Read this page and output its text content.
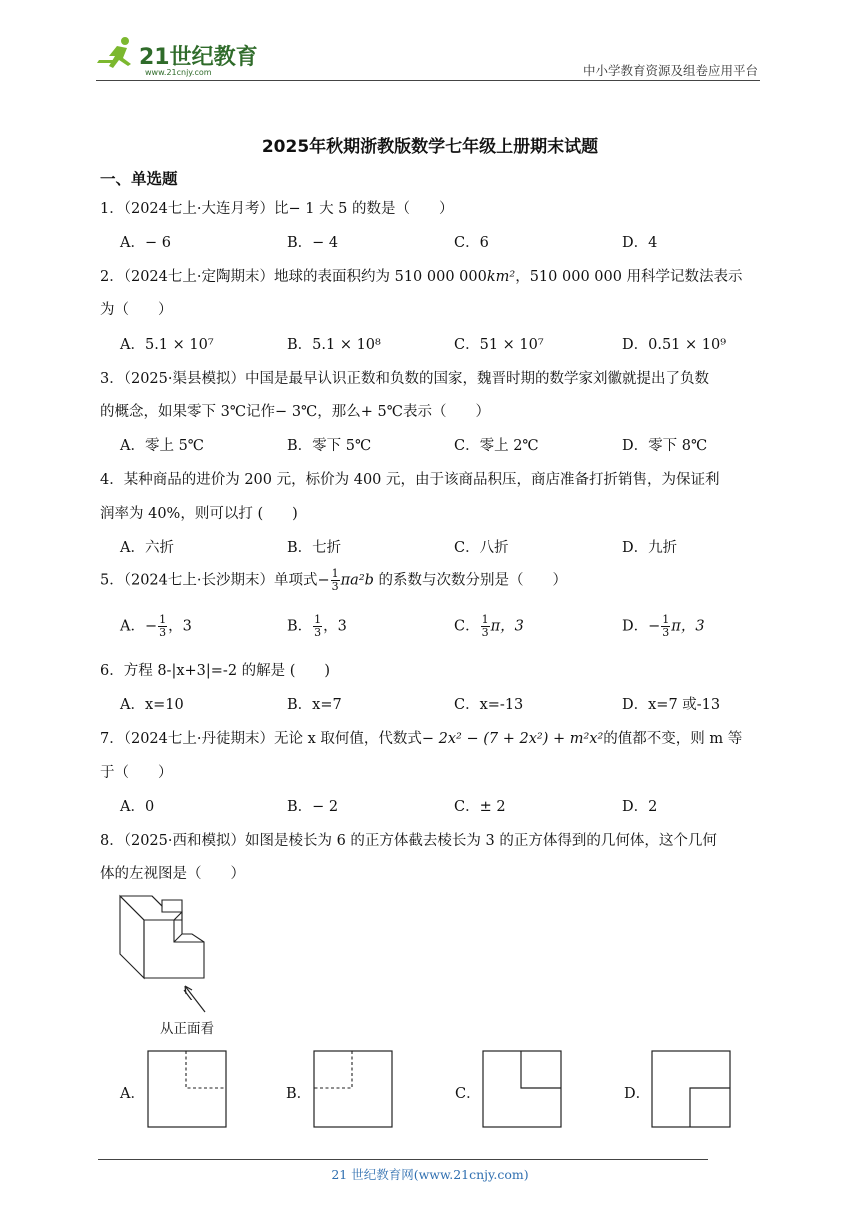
21世纪教育
www.21cnjy.com	中小学教育资源及组卷应用平台
2025年秋期浙教版数学七年级上册期末试题
一、单选题
1．（2024七上·大连月考）比− 1 大 5 的数是（　　）
A．− 6	B．− 4	C．6	D．4
2．（2024七上·定陶期末）地球的表面积约为 510 000 000km²，510 000 000 用科学记数法表示
为（　　）
A．5.1 × 10⁷	B．5.1 × 10⁸	C．51 × 10⁷	D．0.51 × 10⁹
3．（2025·渠县模拟）中国是最早认识正数和负数的国家，魏晋时期的数学家刘徽就提出了负数
的概念，如果零下 3℃记作− 3℃，那么+ 5℃表示（　　）
A．零上 5℃	B．零下 5℃	C．零上 2℃	D．零下 8℃
4．某种商品的进价为 200 元，标价为 400 元，由于该商品积压，商店准备打折销售，为保证利
润率为 40%，则可以打 (　　)
A．六折	B．七折	C．八折	D．九折
5．（2024七上·长沙期末）单项式− $\frac{1}{3} \pi a^2b$ 的系数与次数分别是（　　）
A．− $\frac{1}{3}$ ，3	B． $\frac{1}{3}$ ，3	C． $\frac{1}{3}$ π，3	D．− $\frac{1}{3}$ π，3
6．方程 8-|x+3|=-2 的解是 (　　)
A．x=10	B．x=7	C．x=-13	D．x=7 或-13
7．（2024七上·丹徒期末）无论 x 取何值，代数式− 2x² − (7 + 2x²) + m²x²的值都不变，则 m 等
于（　　）
A．0	B．− 2	C．± 2	D．2
8．（2025·西和模拟）如图是棱长为 6 的正方体截去棱长为 3 的正方体得到的几何体，这个几何
体的左视图是（　　）
从正面看
A．	B．	C．	D．
21 世纪教育网(www.21cnjy.com)
